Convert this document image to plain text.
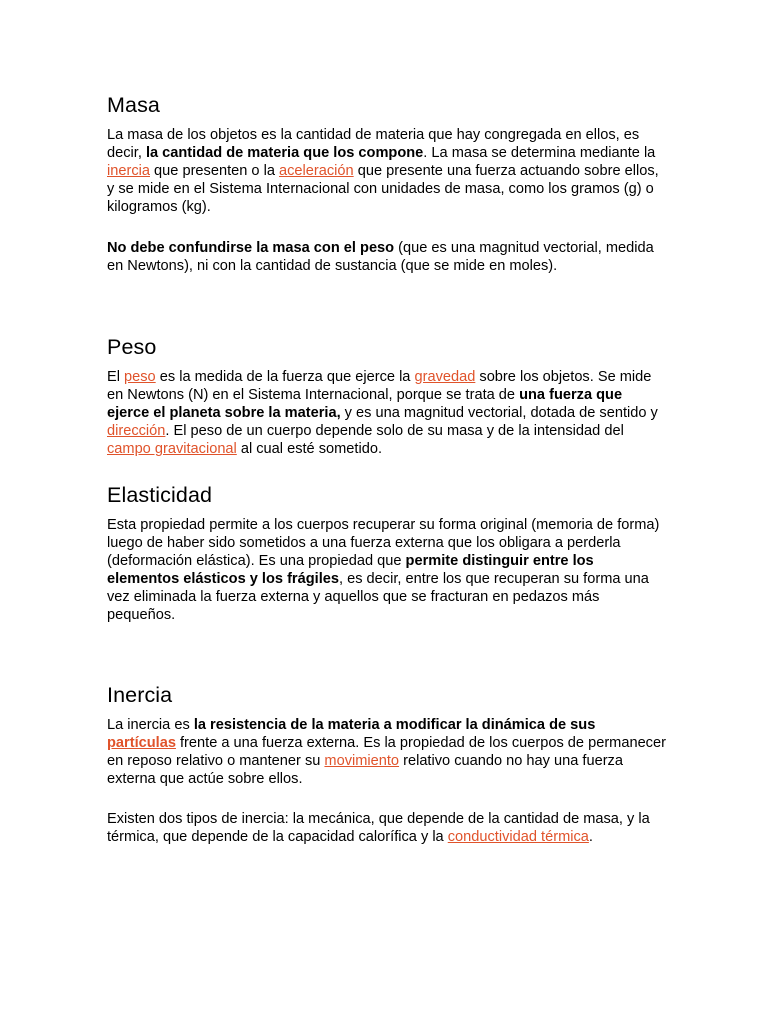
Masa

La masa de los objetos es la cantidad de materia que hay congregada en ellos, es decir, la cantidad de materia que los compone. La masa se determina mediante la inercia que presenten o la aceleración que presente una fuerza actuando sobre ellos, y se mide en el Sistema Internacional con unidades de masa, como los gramos (g) o kilogramos (kg).

No debe confundirse la masa con el peso (que es una magnitud vectorial, medida en Newtons), ni con la cantidad de sustancia (que se mide en moles).

Peso

El peso es la medida de la fuerza que ejerce la gravedad sobre los objetos. Se mide en Newtons (N) en el Sistema Internacional, porque se trata de una fuerza que ejerce el planeta sobre la materia, y es una magnitud vectorial, dotada de sentido y dirección. El peso de un cuerpo depende solo de su masa y de la intensidad del campo gravitacional al cual esté sometido.

Elasticidad

Esta propiedad permite a los cuerpos recuperar su forma original (memoria de forma) luego de haber sido sometidos a una fuerza externa que los obligara a perderla (deformación elástica). Es una propiedad que permite distinguir entre los elementos elásticos y los frágiles, es decir, entre los que recuperan su forma una vez eliminada la fuerza externa y aquellos que se fracturan en pedazos más pequeños.

Inercia

La inercia es la resistencia de la materia a modificar la dinámica de sus partículas frente a una fuerza externa. Es la propiedad de los cuerpos de permanecer en reposo relativo o mantener su movimiento relativo cuando no hay una fuerza externa que actúe sobre ellos.

Existen dos tipos de inercia: la mecánica, que depende de la cantidad de masa, y la térmica, que depende de la capacidad calorífica y la conductividad térmica.
